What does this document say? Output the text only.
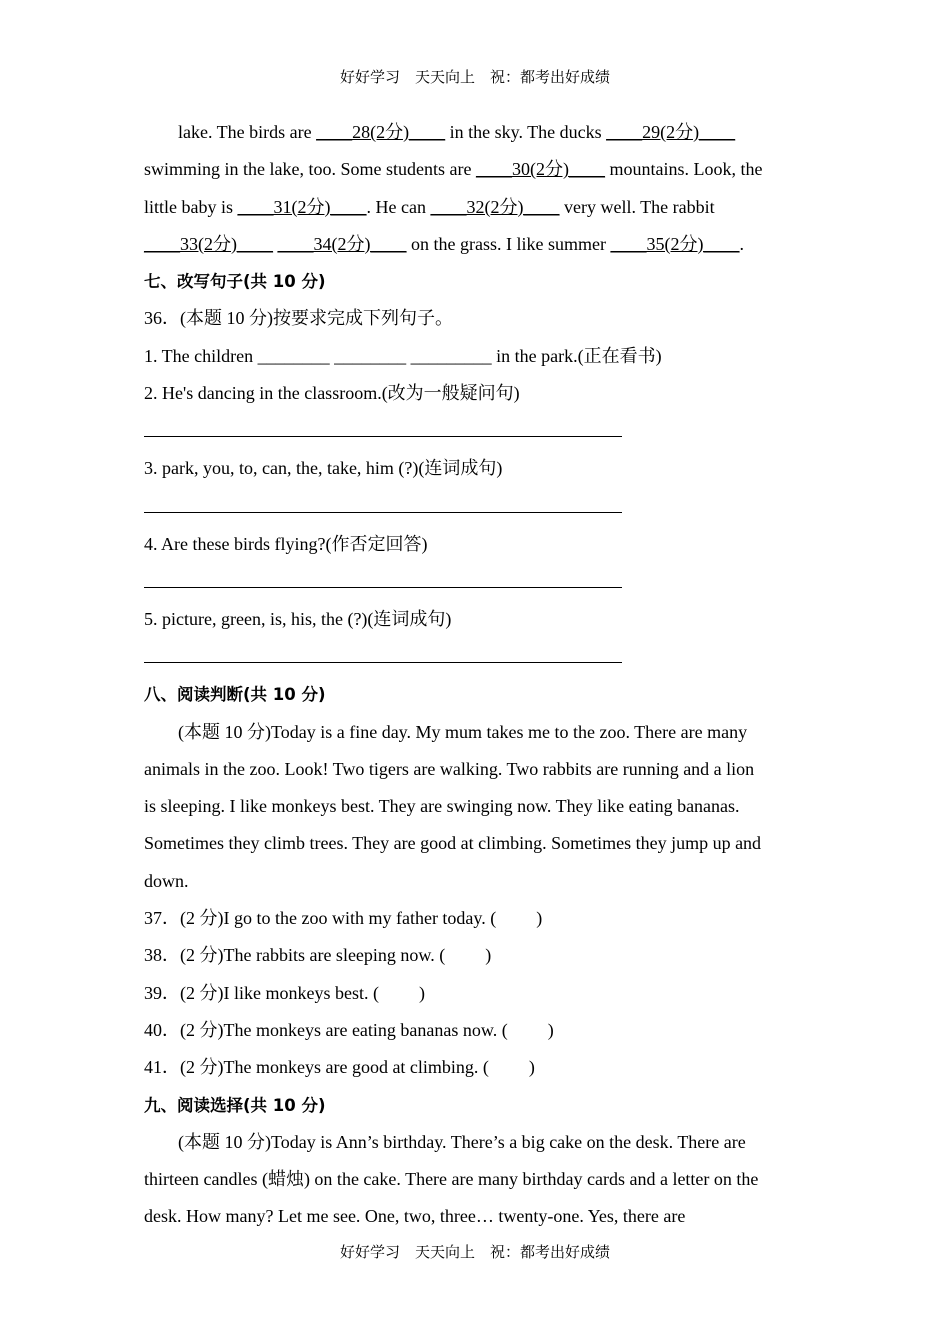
好好学习　天天向上　祝：都考出好成绩
lake. The birds are ____28(2分)____ in the sky. The ducks ____29(2分)____
swimming in the lake, too. Some students are ____30(2分)____ mountains. Look, the
little baby is ____31(2分)____. He can ____32(2分)____ very well. The rabbit
____33(2分)____ ____34(2分)____ on the grass. I like summer ____35(2分)____.
七、改写句子(共 10 分)
36．(本题 10 分)按要求完成下列句子。
1. The children ________ ________ _________ in the park.(正在看书)
2. He's dancing in the classroom.(改为一般疑问句)
3. park, you, to, can, the, take, him (?)(连词成句)
4. Are these birds flying?(作否定回答)
5. picture, green, is, his, the (?)(连词成句)
八、阅读判断(共 10 分)
(本题 10 分)Today is a fine day. My mum takes me to the zoo. There are many
animals in the zoo. Look! Two tigers are walking. Two rabbits are running and a lion
is sleeping. I like monkeys best. They are swinging now. They like eating bananas.
Sometimes they climb trees. They are good at climbing. Sometimes they jump up and
down.
37．(2 分)I go to the zoo with my father today. ( )
38．(2 分)The rabbits are sleeping now. ( )
39．(2 分)I like monkeys best. ( )
40．(2 分)The monkeys are eating bananas now. ( )
41．(2 分)The monkeys are good at climbing. ( )
九、阅读选择(共 10 分)
(本题 10 分)Today is Ann’s birthday. There’s a big cake on the desk. There are
thirteen candles (蜡烛) on the cake. There are many birthday cards and a letter on the
desk. How many? Let me see. One, two, three… twenty-one. Yes, there are
好好学习　天天向上　祝：都考出好成绩
